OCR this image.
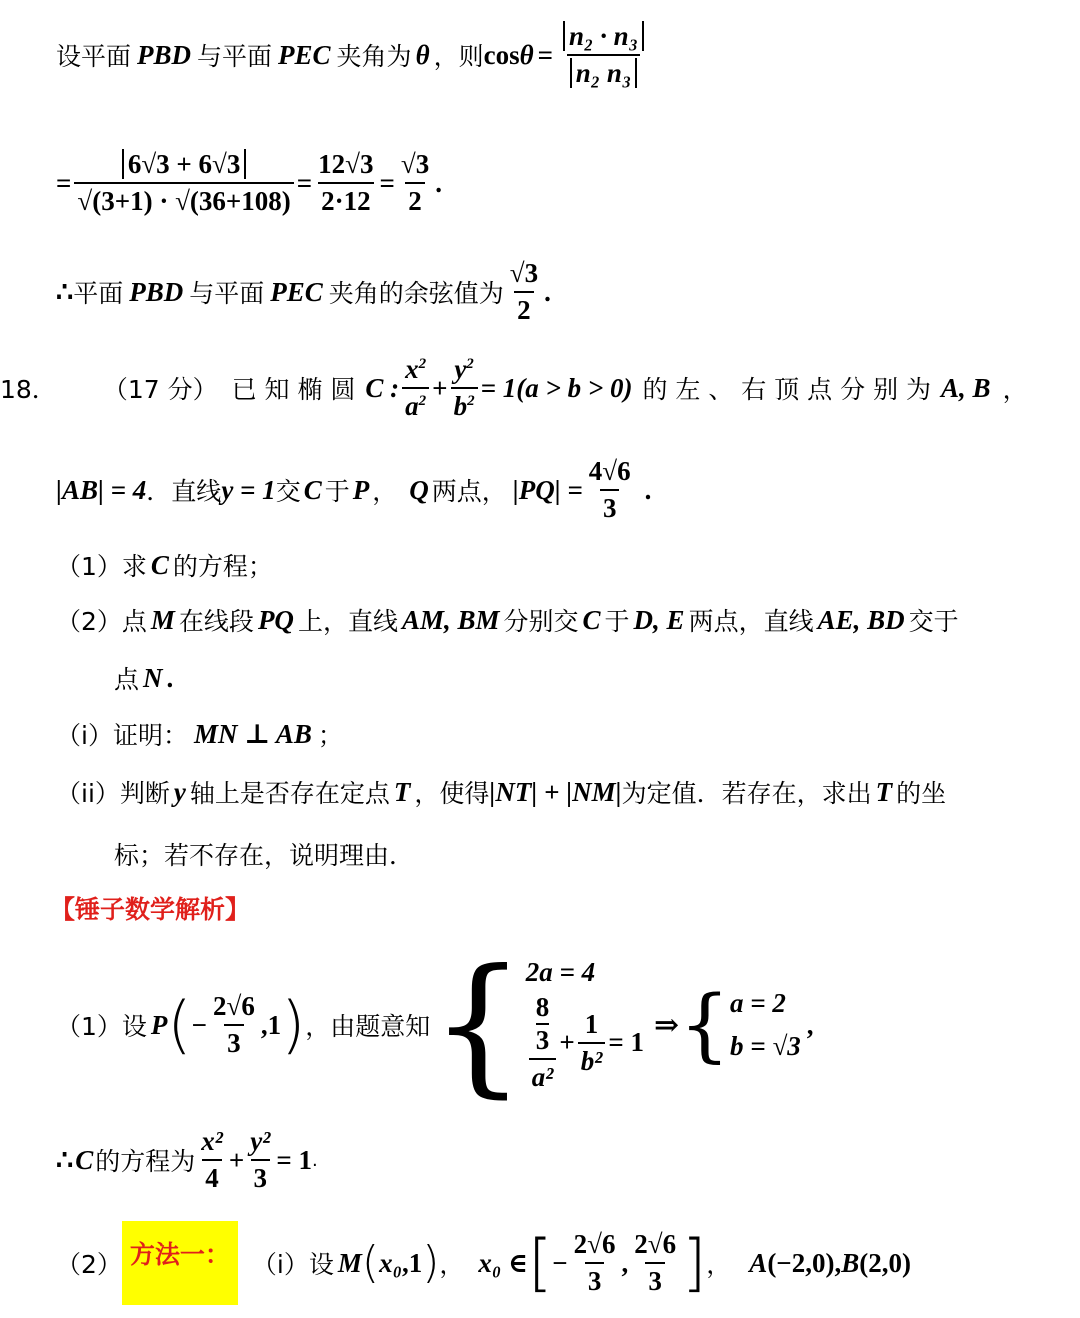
设平面 PBD 与平面 PEC 夹角为 θ ，则 $\cos \theta = \frac{\text{n₂ · n₃}}{\text{n₂ n₃}}$
= $\frac{6√3 + 6√3}{√(3+1) \cdot √(36+108)} = \frac{12√3}{2\cdot 12} = \frac{√3}{2}$ .
∴ 平面 PBD 与平面 PEC 夹角的余弦值为 $\frac{√3}{2}$ .
18． （17 分） 已 知 椭 圆 C : $\frac{x^2}{a^2} + \frac{y^2}{b^2} = 1(a > b > 0)$ 的 左 、 右 顶 点 分 别 为 A, B ，
|AB| = 4 ．直线 y = 1 交 C 于 P ， Q 两点， $|PQ| = \frac{4√6}{3}$ .
（1）求 C 的方程；
（2）点 M 在线段 PQ 上，直线 AM, BM 分别交 C 于 D, E 两点，直线 AE, BD 交于
点 N .
（i）证明： MN ⊥ AB ；
（ii）判断 y 轴上是否存在定点 T ，使得 |NT| + |NM| 为定值．若存在，求出 T 的坐
标；若不存在，说明理由．
【锤子数学解析】
（1）设 P ( − $\frac{2√6}{3} ,1$ ) ，由题意知 { 2a = 4
8
3
$a^2 + \frac{1}{\text{b²}} = 1$
⇒ { a = 2
b = √3
,
∴ C 的方程为 $\frac{\text{x²}}{4} + \frac{\text{y²}}{3} = 1$ .
（2） 方法一： （i）设 M ( x₀ ,1 ) ， x₀ ∈ [ − $\frac{2√6}{3}$ , $\frac{2√6}{3}$ ] ， A (−2,0) , B (2,0)
